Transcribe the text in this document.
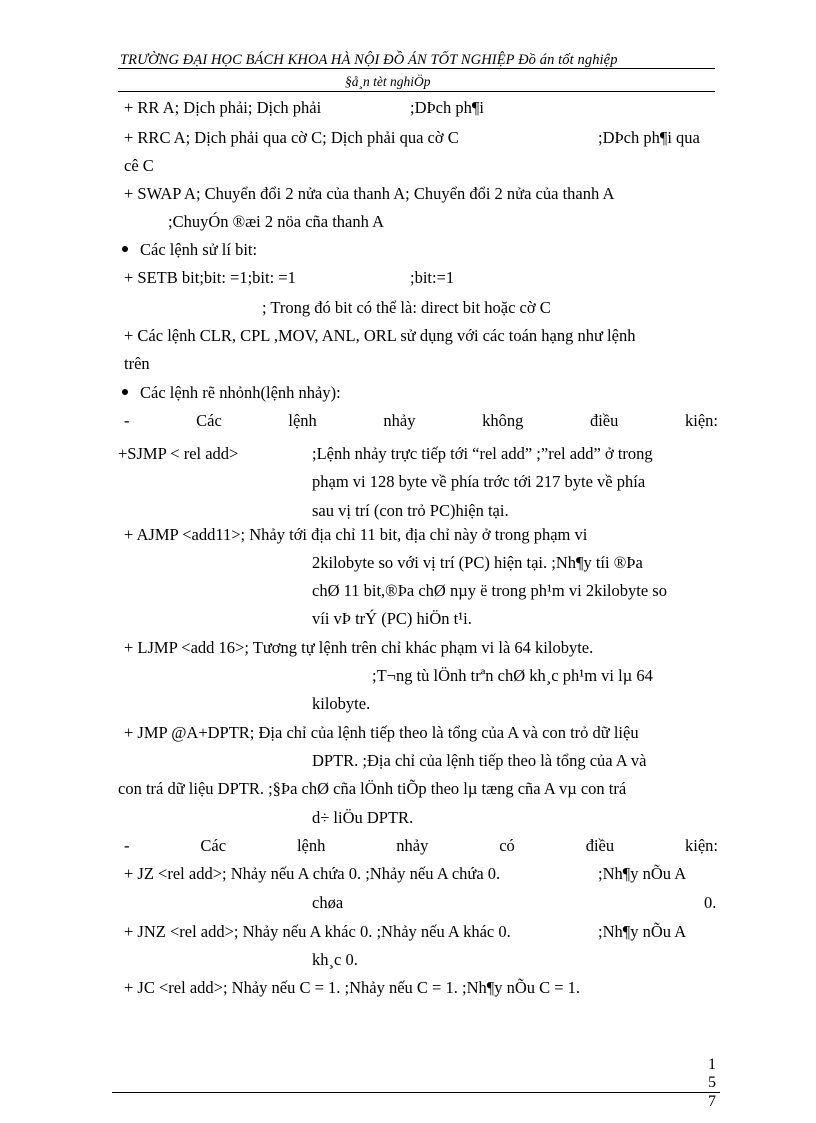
TRƯỜNG ĐẠI HỌC BÁCH KHOA HÀ NỘI ĐỒ ÁN TỐT NGHIỆP Đồ án tốt nghiệp
§å¸n tèt nghiÖp
+ RR A; Dịch phải; Dịch phải	;DÞch ph¶i
+ RRC A; Dịch phải qua cờ C; Dịch phải qua cờ C	;DÞch ph¶i qua
cê C
+ SWAP A; Chuyển đổi 2 nửa của thanh A; Chuyển đổi 2 nửa của thanh A
;ChuyÓn ®æi 2 nöa cña thanh A
Các lệnh sử lí bit:
+ SETB bit;bit: =1;bit: =1	;bit:=1
; Trong đó bit có thể là: direct bit hoặc cờ C
+ Các lệnh CLR, CPL ,MOV, ANL, ORL sử dụng với các toán hạng như lệnh
trên
Các lệnh rẽ nhỏnh(lệnh nhảy):
-	Các	lệnh	nhảy	không	điều	kiện:
+SJMP < rel add>	;Lệnh nhảy trực tiếp tới “rel add” ;”rel add” ở trong
phạm vi 128 byte về phía trớc tới 217 byte về phía
sau vị trí (con trỏ PC)hiện tại.
+ AJMP <add11>; Nhảy tới địa chỉ 11 bit, địa chỉ này ở trong phạm vi
2kilobyte so với vị trí (PC) hiện tại. ;Nh¶y tíi ®Þa
chØ 11 bit,®Þa chØ nµy ë trong ph¹m vi 2kilobyte so
víi vÞ trÝ (PC) hiÖn t¹i.
+ LJMP <add 16>; Tương tự lệnh trên chỉ khác phạm vi là 64 kilobyte.
;T¬ng tù lÖnh trªn chØ kh¸c ph¹m vi lµ 64
kilobyte.
+ JMP @A+DPTR; Địa chỉ của lệnh tiếp theo là tổng của A và con trỏ dữ liệu
DPTR. ;Địa chỉ của lệnh tiếp theo là tổng của A và
con trá dữ liệu DPTR. ;§Þa chØ cña lÖnh tiÕp theo lµ tæng cña A vµ con trá
d÷ liÖu DPTR.
-	Các	lệnh	nhảy	có	điều	kiện:
+ JZ <rel add>; Nhảy nếu A chứa 0. ;Nhảy nếu A chứa 0.	;Nh¶y nÕu A
chøa	0.
+ JNZ <rel add>; Nhảy nếu A khác 0. ;Nhảy nếu A khác 0.	;Nh¶y nÕu A
kh¸c 0.
+ JC <rel add>; Nhảy nếu C = 1. ;Nhảy nếu C = 1. ;Nh¶y nÕu C = 1.
1
5
7
